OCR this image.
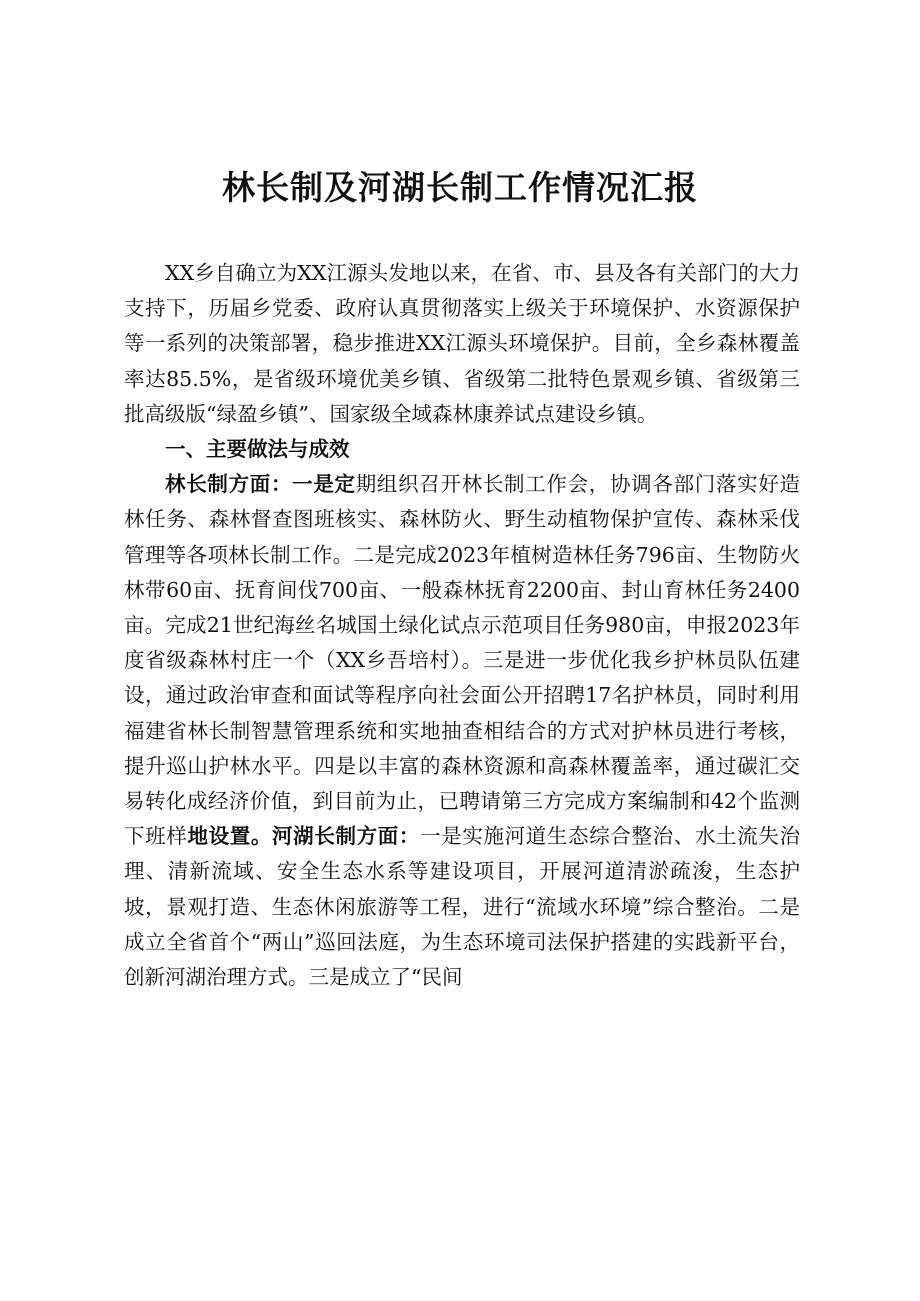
林长制及河湖长制工作情况汇报

XX乡自确立为XX江源头发地以来，在省、市、县及各有关部门的大力支持下，历届乡党委、政府认真贯彻落实上级关于环境保护、水资源保护等一系列的决策部署，稳步推进XX江源头环境保护。目前，全乡森林覆盖率达85.5%，是省级环境优美乡镇、省级第二批特色景观乡镇、省级第三批高级版“绿盈乡镇”、国家级全域森林康养试点建设乡镇。

一、主要做法与成效

林长制方面：一是定期组织召开林长制工作会，协调各部门落实好造林任务、森林督查图班核实、森林防火、野生动植物保护宣传、森林采伐管理等各项林长制工作。二是完成2023年植树造林任务796亩、生物防火林带60亩、抚育间伐700亩、一般森林抚育2200亩、封山育林任务2400亩。完成21世纪海丝名城国土绿化试点示范项目任务980亩，申报2023年度省级森林村庄一个（XX乡吾培村）。三是进一步优化我乡护林员队伍建设，通过政治审查和面试等程序向社会面公开招聘17名护林员，同时利用福建省林长制智慧管理系统和实地抽查相结合的方式对护林员进行考核，提升巡山护林水平。四是以丰富的森林资源和高森林覆盖率，通过碳汇交易转化成经济价值，到目前为止，已聘请第三方完成方案编制和42个监测下班样地设置。河湖长制方面：一是实施河道生态综合整治、水土流失治理、清新流域、安全生态水系等建设项目，开展河道清淤疏浚，生态护坡，景观打造、生态休闲旅游等工程，进行“流域水环境”综合整治。二是成立全省首个“两山”巡回法庭，为生态环境司法保护搭建的实践新平台，创新河湖治理方式。三是成立了“民间
